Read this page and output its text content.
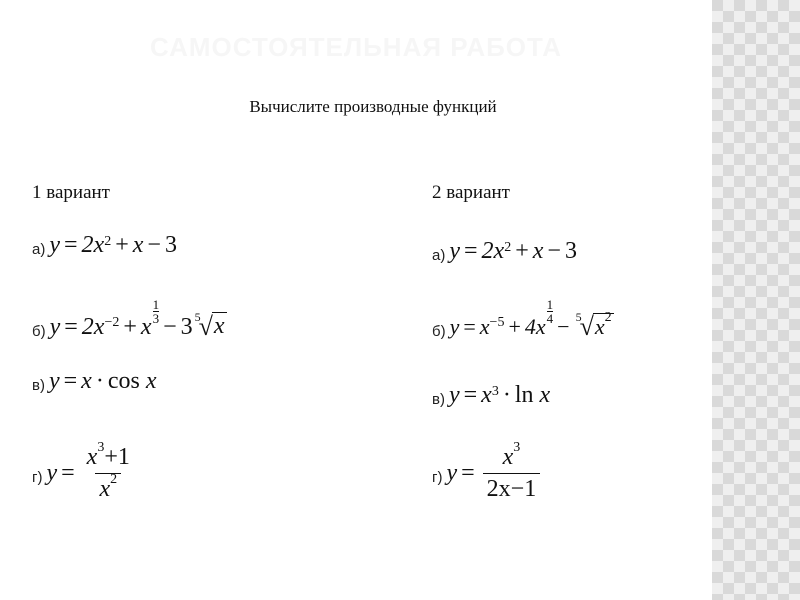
САМОСТОЯТЕЛЬНАЯ РАБОТА
Вычислите производные функций
1 вариант
а) $y = 2x^2 + x - 3$
б) $y = 2x^{-2} + x$
$\frac{1}{3}$
− 3 5
√ x
в) y = x · cos
x
г) $y = \frac{x^3+1}{x^2}$
2 вариант
а) $y = 2x^2 + x - 3$
б) $y = x^{-5} + 4x$
$\frac{1}{4}$
− 5
√ $x^2$
в) $y = x^3 \cdot \ln$
x
г) $y = \frac{x^3}{2x-1}$
